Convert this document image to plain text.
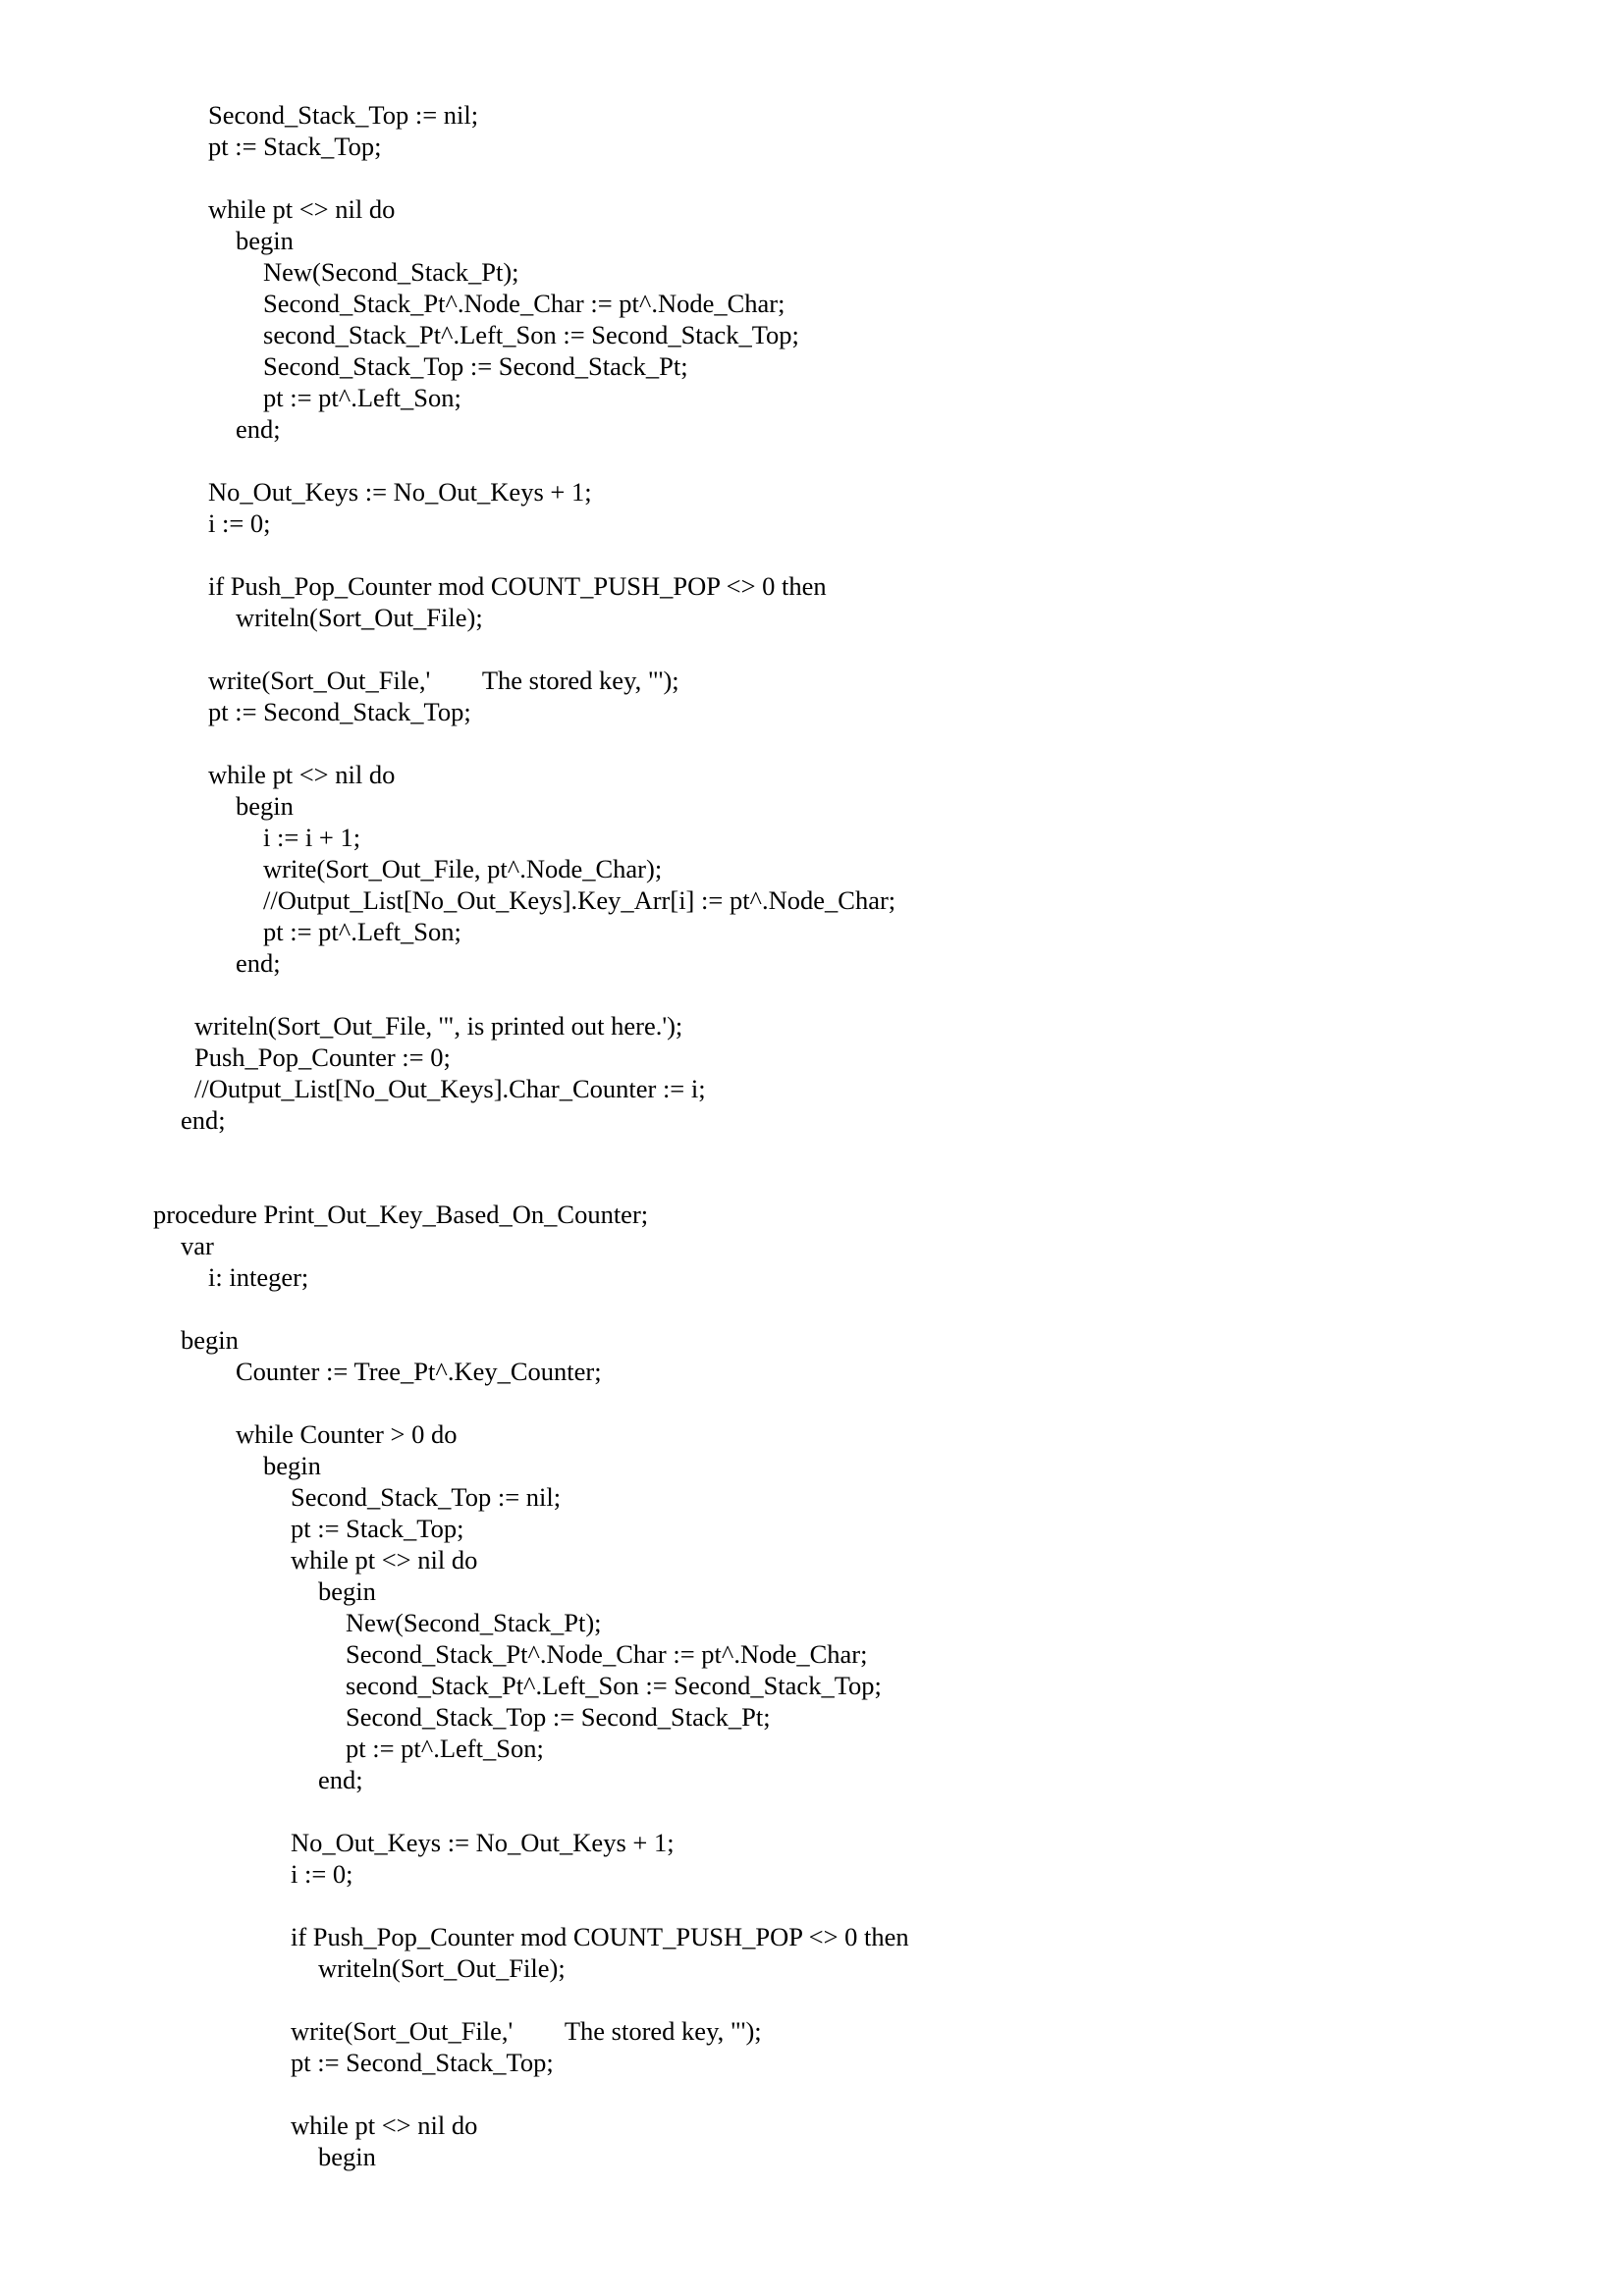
Second_Stack_Top := nil;
pt := Stack_Top;
while pt <> nil do
begin
New(Second_Stack_Pt);
Second_Stack_Pt^.Node_Char := pt^.Node_Char;
second_Stack_Pt^.Left_Son := Second_Stack_Top;
Second_Stack_Top := Second_Stack_Pt;
pt := pt^.Left_Son;
end;
No_Out_Keys := No_Out_Keys + 1;
i := 0;
if Push_Pop_Counter mod COUNT_PUSH_POP <> 0 then
writeln(Sort_Out_File);
write(Sort_Out_File,'        The stored key, "');
pt := Second_Stack_Top;
while pt <> nil do
begin
i := i + 1;
write(Sort_Out_File, pt^.Node_Char);
//Output_List[No_Out_Keys].Key_Arr[i] := pt^.Node_Char;
pt := pt^.Left_Son;
end;
writeln(Sort_Out_File, '", is printed out here.');
Push_Pop_Counter := 0;
//Output_List[No_Out_Keys].Char_Counter := i;
end;
procedure Print_Out_Key_Based_On_Counter;
var
i: integer;
begin
Counter := Tree_Pt^.Key_Counter;
while Counter > 0 do
begin
Second_Stack_Top := nil;
pt := Stack_Top;
while pt <> nil do
begin
New(Second_Stack_Pt);
Second_Stack_Pt^.Node_Char := pt^.Node_Char;
second_Stack_Pt^.Left_Son := Second_Stack_Top;
Second_Stack_Top := Second_Stack_Pt;
pt := pt^.Left_Son;
end;
No_Out_Keys := No_Out_Keys + 1;
i := 0;
if Push_Pop_Counter mod COUNT_PUSH_POP <> 0 then
writeln(Sort_Out_File);
write(Sort_Out_File,'        The stored key, "');
pt := Second_Stack_Top;
while pt <> nil do
begin
